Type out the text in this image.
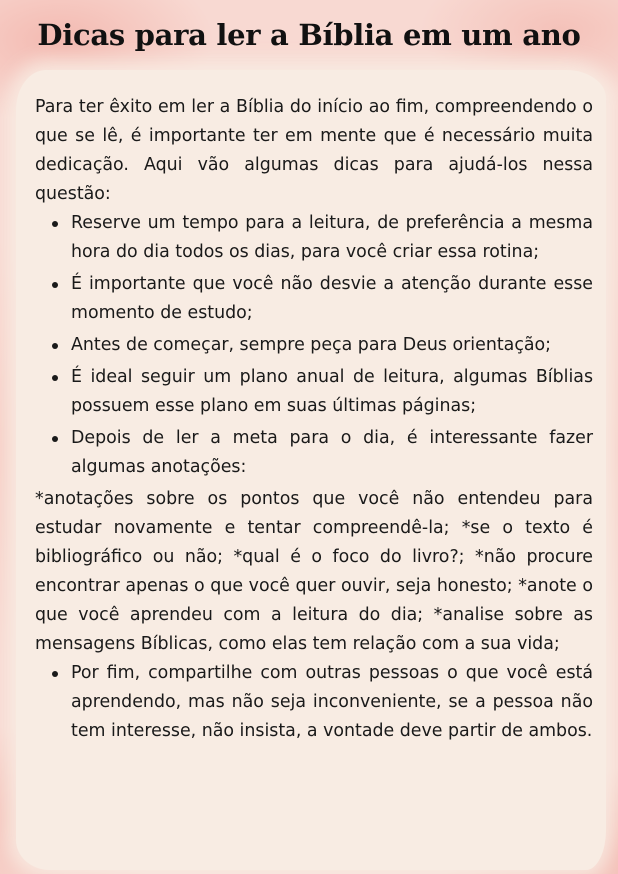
Dicas para ler a Bíblia em um ano

Para ter êxito em ler a Bíblia do início ao fim, compreendendo o que se lê, é importante ter em mente que é necessário muita dedicação. Aqui vão algumas dicas para ajudá-los nessa questão:

Reserve um tempo para a leitura, de preferência a mesma hora do dia todos os dias, para você criar essa rotina;
É importante que você não desvie a atenção durante esse momento de estudo;
Antes de começar, sempre peça para Deus orientação;
É ideal seguir um plano anual de leitura, algumas Bíblias possuem esse plano em suas últimas páginas;
Depois de ler a meta para o dia, é interessante fazer algumas anotações:

*anotações sobre os pontos que você não entendeu para estudar novamente e tentar compreendê-la; *se o texto é bibliográfico ou não; *qual é o foco do livro?; *não procure encontrar apenas o que você quer ouvir, seja honesto; *anote o que você aprendeu com a leitura do dia; *analise sobre as mensagens Bíblicas, como elas tem relação com a sua vida;

Por fim, compartilhe com outras pessoas o que você está aprendendo, mas não seja inconveniente, se a pessoa não tem interesse, não insista, a vontade deve partir de ambos.
